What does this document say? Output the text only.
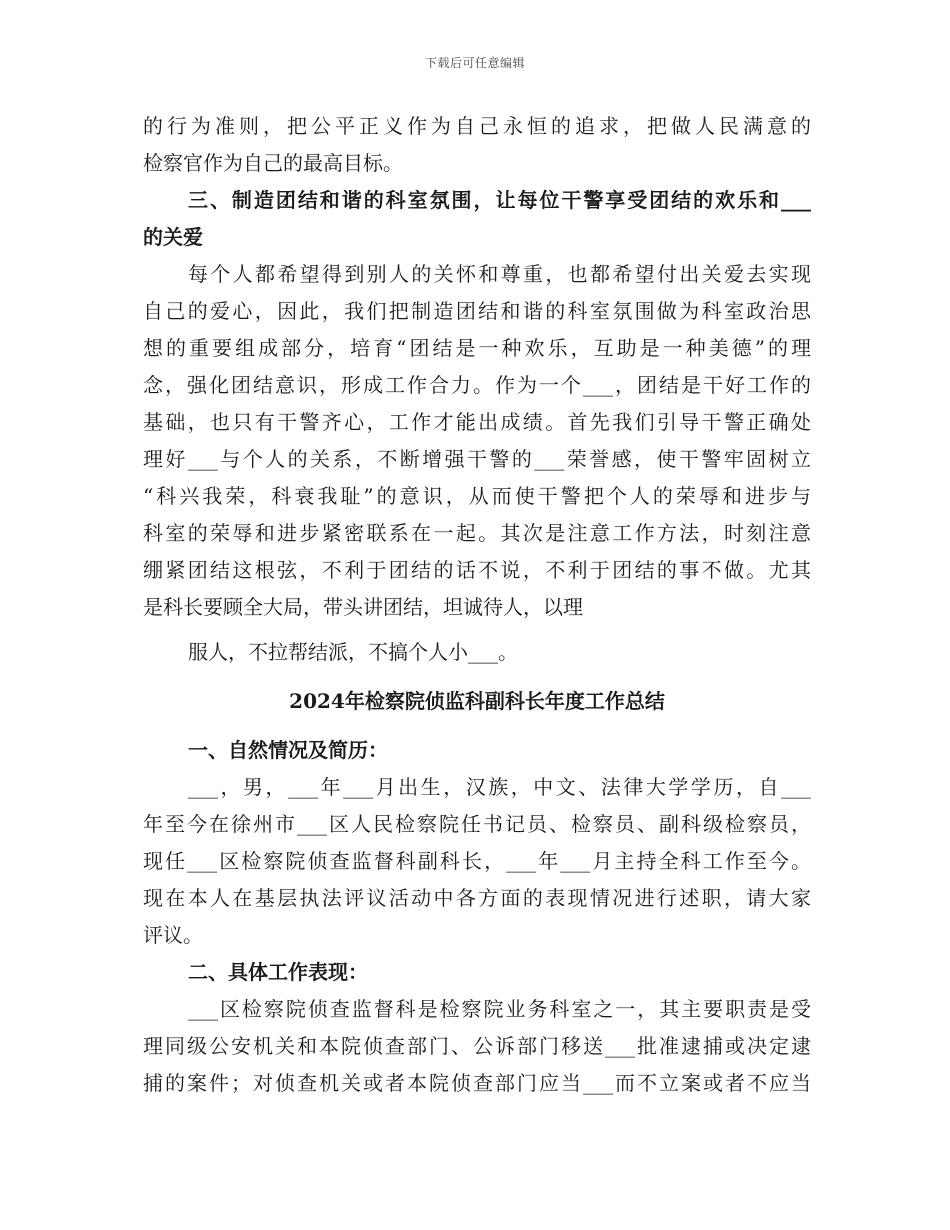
下载后可任意编辑
的行为准则，把公平正义作为自己永恒的追求，把做人民满意的
检察官作为自己的最高目标。
三、制造团结和谐的科室氛围，让每位干警享受团结的欢乐和___
的关爱
每个人都希望得到别人的关怀和尊重，也都希望付出关爱去实现
自己的爱心，因此，我们把制造团结和谐的科室氛围做为科室政治思
想的重要组成部分，培育“团结是一种欢乐，互助是一种美德”的理
念，强化团结意识，形成工作合力。作为一个___，团结是干好工作的
基础，也只有干警齐心，工作才能出成绩。首先我们引导干警正确处
理好___与个人的关系，不断增强干警的___荣誉感，使干警牢固树立
“科兴我荣，科衰我耻”的意识，从而使干警把个人的荣辱和进步与
科室的荣辱和进步紧密联系在一起。其次是注意工作方法，时刻注意
绷紧团结这根弦，不利于团结的话不说，不利于团结的事不做。尤其
是科长要顾全大局，带头讲团结，坦诚待人，以理
服人，不拉帮结派，不搞个人小___。
2024年检察院侦监科副科长年度工作总结
一、自然情况及简历：
___，男，___年___月出生，汉族，中文、法律大学学历，自___
年至今在徐州市___区人民检察院任书记员、检察员、副科级检察员，
现任___区检察院侦查监督科副科长，___年___月主持全科工作至今。
现在本人在基层执法评议活动中各方面的表现情况进行述职，请大家
评议。
二、具体工作表现：
___区检察院侦查监督科是检察院业务科室之一，其主要职责是受
理同级公安机关和本院侦查部门、公诉部门移送___批准逮捕或决定逮
捕的案件；对侦查机关或者本院侦查部门应当___而不立案或者不应当
